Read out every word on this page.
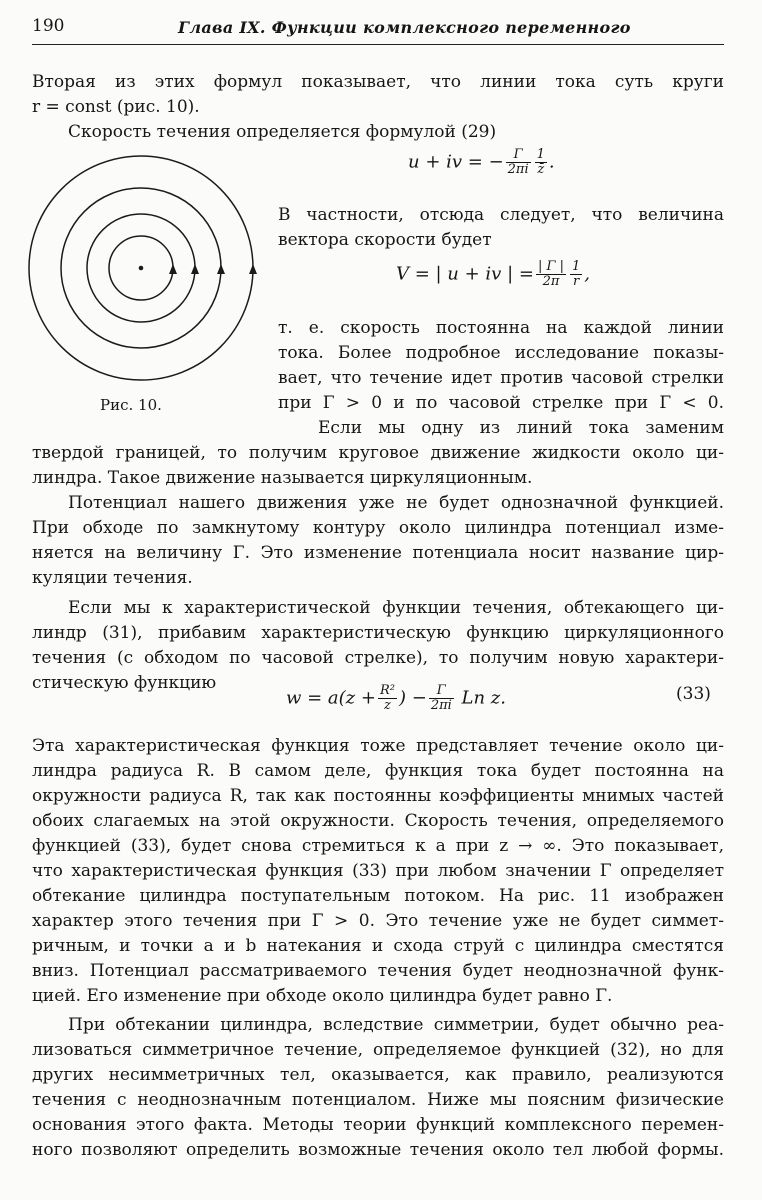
190	Глава IX. Функции комплексного переменного
Вторая из этих формул показывает, что линии тока суть круги
r = const (рис. 10).
Скорость течения определяется формулой (29)
u + iv = − $\frac{\Gamma}{2\pi i} \frac{1}{z̄}$ .
Рис. 10.
В частности, отсюда следует, что величина
вектора скорости будет
V = | u + iv | = $\frac{| \Gamma |}{2\pi} \frac{1}{r}$ ,
т. е. скорость постоянна на каждой линии
тока. Более подробное исследование показы-
вает, что течение идет против часовой стрелки
при Γ > 0 и по часовой стрелке при Γ < 0.
Если мы одну из линий тока заменим
твердой границей, то получим круговое движение жидкости около ци-
линдра. Такое движение называется циркуляционным.
Потенциал нашего движения уже не будет однозначной функцией.
При обходе по замкнутому контуру около цилиндра потенциал изме-
няется на величину Γ. Это изменение потенциала носит название цир-
куляции течения.
Если мы к характеристической функции течения, обтекающего ци-
линдр (31), прибавим характеристическую функцию циркуляционного
течения (с обходом по часовой стрелке), то получим новую характери-
стическую функцию
$w = a(z + \frac{\text{R²}}{z}$ ) − $\frac{\Gamma}{2\pi i}$ Ln z.	(33)
Эта характеристическая функция тоже представляет течение около ци-
линдра радиуса R. В самом деле, функция тока будет постоянна на
окружности радиуса R, так как постоянны коэффициенты мнимых частей
обоих слагаемых на этой окружности. Скорость течения, определяемого
функцией (33), будет снова стремиться к a при z → ∞. Это показывает,
что характеристическая функция (33) при любом значении Γ определяет
обтекание цилиндра поступательным потоком. На рис. 11 изображен
характер этого течения при Γ > 0. Это течение уже не будет симмет-
ричным, и точки a и b натекания и схода струй с цилиндра сместятся
вниз. Потенциал рассматриваемого течения будет неоднозначной функ-
цией. Его изменение при обходе около цилиндра будет равно Γ.
При обтекании цилиндра, вследствие симметрии, будет обычно реа-
лизоваться симметричное течение, определяемое функцией (32), но для
других несимметричных тел, оказывается, как правило, реализуются
течения с неоднозначным потенциалом. Ниже мы поясним физические
основания этого факта. Методы теории функций комплексного перемен-
ного позволяют определить возможные течения около тел любой формы.
